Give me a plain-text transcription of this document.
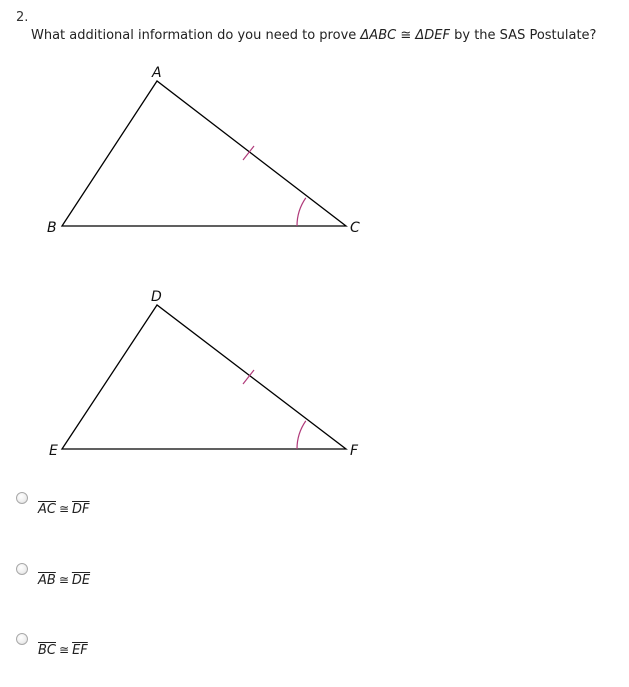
2.
What additional information do you need to prove ΔABC ≅ ΔDEF by the SAS Postulate?
A
B	C
D
E	F
$\overline{AC}$ ≅ $\overline{DF}$
$\overline{AB}$ ≅ $\overline{DE}$
$\overline{BC}$ ≅ $\overline{EF}$
